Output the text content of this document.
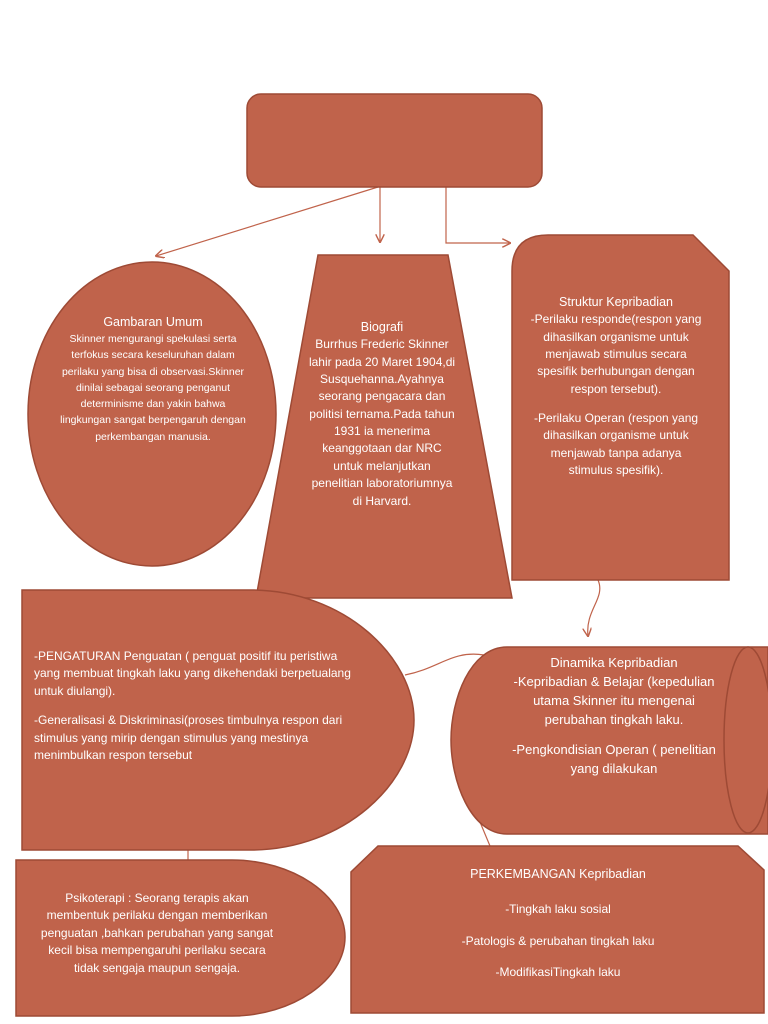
Gambaran Umum

Skinner mengurangi spekulasi serta terfokus secara keseluruhan dalam perilaku yang bisa di observasi.Skinner dinilai sebagai seorang penganut determinisme dan yakin bahwa lingkungan sangat berpengaruh dengan perkembangan manusia.

Biografi

Burrhus Frederic Skinner lahir pada 20 Maret 1904,di Susquehanna.Ayahnya seorang pengacara dan politisi ternama.Pada tahun 1931 ia menerima keanggotaan dar NRC untuk melanjutkan penelitian laboratoriumnya di Harvard.

Struktur Kepribadian

-Perilaku responde(respon yang dihasilkan organisme untuk menjawab stimulus secara spesifik berhubungan dengan respon tersebut).

-Perilaku Operan (respon yang dihasilkan organisme untuk menjawab tanpa adanya stimulus spesifik).

-PENGATURAN Penguatan ( penguat positif itu peristiwa yang membuat tingkah laku yang dikehendaki berpetualang untuk diulangi).

-Generalisasi & Diskriminasi(proses timbulnya respon dari stimulus yang mirip dengan stimulus yang mestinya menimbulkan respon tersebut

Dinamika Kepribadian

-Kepribadian & Belajar (kepedulian utama Skinner itu mengenai perubahan tingkah laku.

-Pengkondisian Operan ( penelitian yang dilakukan

Psikoterapi : Seorang terapis akan membentuk perilaku dengan memberikan penguatan ,bahkan perubahan yang sangat kecil bisa mempengaruhi perilaku secara tidak sengaja maupun sengaja.

PERKEMBANGAN Kepribadian

-Tingkah laku sosial

-Patologis & perubahan tingkah laku

-ModifikasiTingkah laku
